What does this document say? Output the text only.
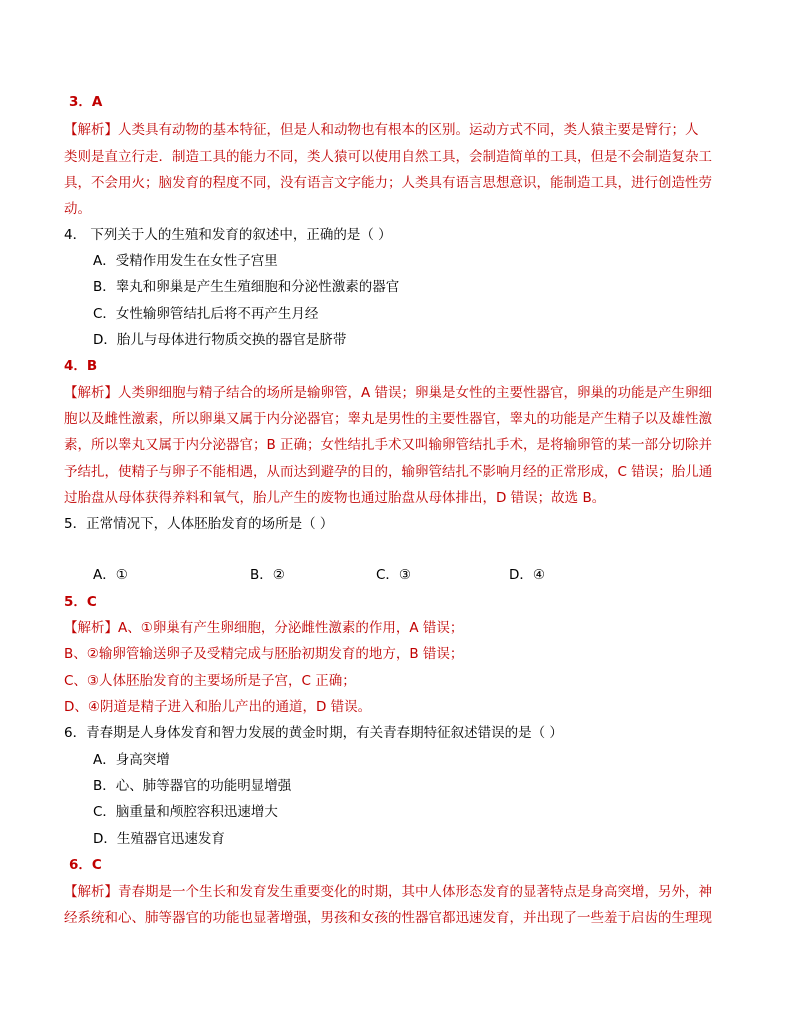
3．A
【解析】人类具有动物的基本特征，但是人和动物也有根本的区别。运动方式不同，类人猿主要是臂行；人
类则是直立行走．制造工具的能力不同，类人猿可以使用自然工具，会制造简单的工具，但是不会制造复杂工
具，不会用火；脑发育的程度不同，没有语言文字能力；人类具有语言思想意识，能制造工具，进行创造性劳
动。
4． 下列关于人的生殖和发育的叙述中，正确的是（ ）
A．受精作用发生在女性子宫里
B．睾丸和卵巢是产生生殖细胞和分泌性激素的器官
C．女性输卵管结扎后将不再产生月经
D．胎儿与母体进行物质交换的器官是脐带
4．B
【解析】人类卵细胞与精子结合的场所是输卵管，A 错误；卵巢是女性的主要性器官，卵巢的功能是产生卵细
胞以及雌性激素，所以卵巢又属于内分泌器官；睾丸是男性的主要性器官，睾丸的功能是产生精子以及雄性激
素，所以睾丸又属于内分泌器官；B 正确；女性结扎手术又叫输卵管结扎手术，是将输卵管的某一部分切除并
予结扎，使精子与卵子不能相遇，从而达到避孕的目的，输卵管结扎不影响月经的正常形成，C 错误；胎儿通
过胎盘从母体获得养料和氧气，胎儿产生的废物也通过胎盘从母体排出，D 错误；故选 B。
5．正常情况下，人体胚胎发育的场所是（ ）
A．①	B．②	C．③	D．④
5．C
【解析】A、①卵巢有产生卵细胞，分泌雌性激素的作用，A 错误；
B、②输卵管输送卵子及受精完成与胚胎初期发育的地方，B 错误；
C、③人体胚胎发育的主要场所是子宫，C 正确；
D、④阴道是精子进入和胎儿产出的通道，D 错误。
6．青春期是人身体发育和智力发展的黄金时期，有关青春期特征叙述错误的是（ ）
A．身高突增
B．心、肺等器官的功能明显增强
C．脑重量和颅腔容积迅速增大
D．生殖器官迅速发育
6．C
【解析】青春期是一个生长和发育发生重要变化的时期，其中人体形态发育的显著特点是身高突增，另外，神
经系统和心、肺等器官的功能也显著增强，男孩和女孩的性器官都迅速发育，并出现了一些羞于启齿的生理现
